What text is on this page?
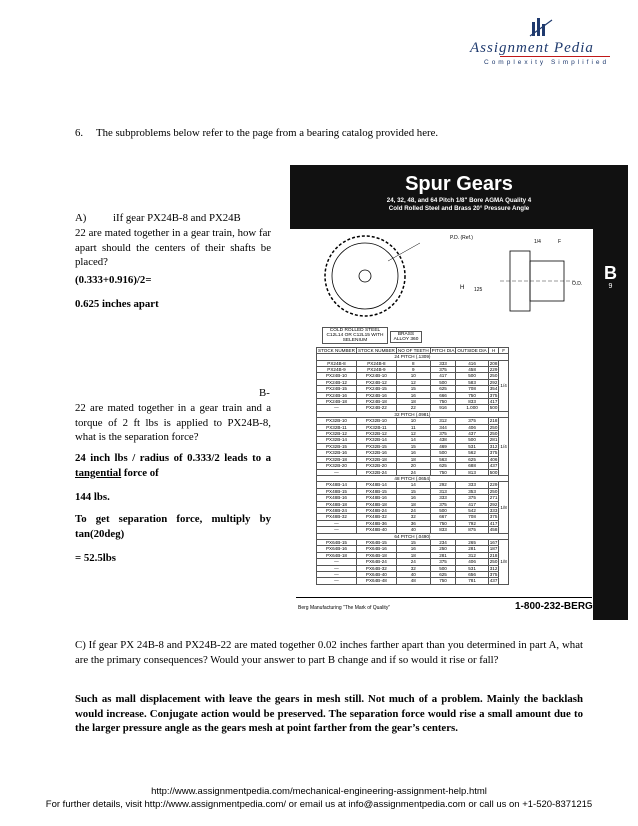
Assignment Pedia
Complexity Simplified
6. The subproblems below refer to the page from a bearing catalog provided here.
A) iIf gear PX24B-8 and PX24B
22 are mated together in a gear train, how far apart should the centers of their shafts be placed?
(0.333+0.916)/2=
0.625 inches apart
B-
22 are mated together in a gear train and a torque of 2 ft lbs is applied to PX24B-8, what is the separation force?
24 inch lbs / radius of 0.333/2 leads to a tangential force of
144 lbs.
To get separation force, multiply by tan(20deg)
= 52.5lbs
Spur Gears
24, 32, 48, and 64 Pitch 1/8" Bore AGMA Quality 4
Cold Rolled Steel and Brass 20° Pressure Angle
B
9
P.D. (Ref.)
H 125
1/4	F
O.D.
COLD ROLLED STEEL C12L14 OR C12L15 WITH SELENIUM
BRASS ALLOY 360
STOCK NUMBER	STOCK NUMBER	NO OF TEETH	PITCH DIA	OUTSIDE DIA	H	F
24 PITCH (.1309)						
PX24B-8	PX24B-8	8	333	416	208	1/4
PX24B-9	PX24B-9	9	375	458	229	
PX24B-10	PX24B-10	10	417	500	250	
PX24B-12	PX24B-12	12	500	583	292	
PX24B-15	PX24B-15	15	625	708	354	
PX24B-16	PX24B-16	16	666	750	375	
PX24B-18	PX24B-18	18	750	833	417	
—	PX24B-22	22	916	1.000	500	
32 PITCH (.0981)						
PX32B-10	PX32B-10	10	312	375	218	1/4
PX32B-11	PX32B-11	11	344	406	250	
PX32B-12	PX32B-12	12	375	437	250	
PX32B-14	PX32B-14	14	438	500	281	
PX32B-15	PX32B-15	15	469	531	312	
PX32B-16	PX32B-16	16	500	562	375	
PX32B-18	PX32B-18	18	563	625	406	
PX32B-20	PX32B-20	20	625	688	437	
—	PX32B-24	24	750	813	500	
48 PITCH (.0654)						
PX48B-14	PX48B-14	14	292	333	229	1/8
PX48B-15	PX48B-15	15	313	353	250	
PX48B-16	PX48B-16	16	333	375	271	
PX48B-18	PX48B-18	18	375	417	292	
PX48B-24	PX48B-24	24	500	542	333	
PX48B-32	PX48B-32	32	667	708	375	
—	PX48B-36	36	750	792	417	
—	PX48B-40	40	833	875	458	
64 PITCH (.0490)						
PX64B-15	PX64B-15	15	234	265	167	1/8
PX64B-16	PX64B-16	16	250	281	187	
PX64B-18	PX64B-18	18	281	312	218	
—	PX64B-24	24	375	406	250	
—	PX64B-32	32	500	531	312	
—	PX64B-40	40	625	656	375	
—	PX64B-48	48	750	781	437	
Berg Manufacturing “The Mark of Quality”	1-800-232-BERG
C) If gear PX 24B-8 and PX24B-22 are mated together 0.02 inches farther apart than you determined in part A, what are the primary consequences? Would your answer to part B change and if so would it rise or fall?
Such as mall displacement with leave the gears in mesh still. Not much of a problem. Mainly the backlash would increase. Conjugate action would be preserved. The separation force would rise a small amount due to the larger pressure angle as the gears mesh at point farther from the gear’s centers.
http://www.assignmentpedia.com/mechanical-engineering-assignment-help.html
For further details, visit http://www.assignmentpedia.com/ or email us at info@assignmentpedia.com or call us on +1-520-8371215
